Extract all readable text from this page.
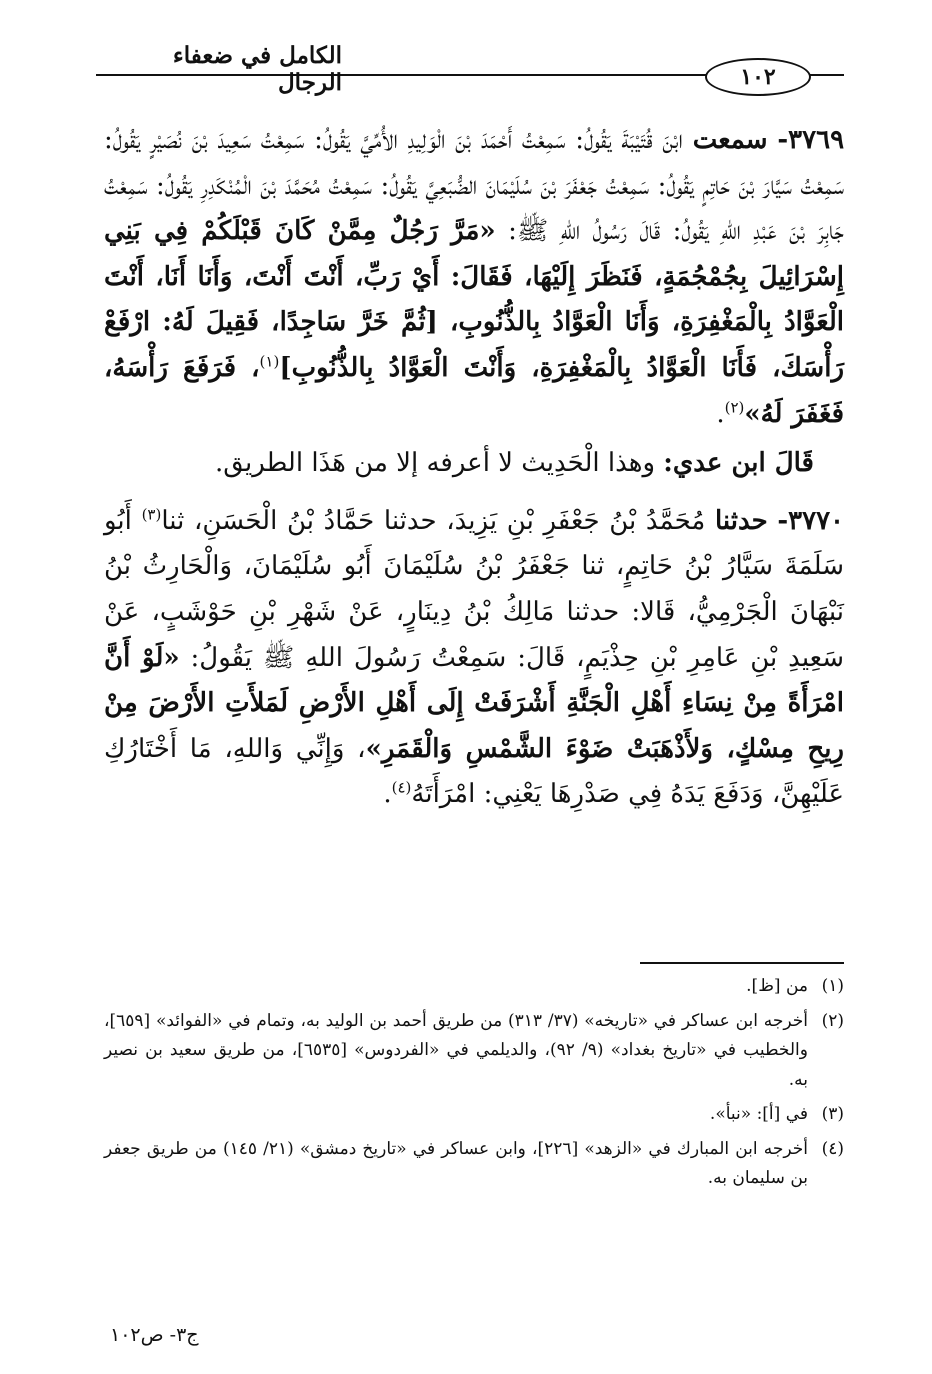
الكامل في ضعفاء الرجال	١٠٢

٣٧٦٩- سمعت ابْنَ قُتَيْبَةَ يَقُولُ: سَمِعْتُ أَحْمَدَ بْنَ الْوَلِيدِ الأُمِّيَّ يَقُولُ: سَمِعْتُ سَعِيدَ بْنَ نُصَيْرٍ يَقُولُ: سَمِعْتُ سَيَّارَ بْنَ حَاتِمٍ يَقُولُ: سَمِعْتُ جَعْفَرَ بْنَ سُلَيْمَانَ الضُّبَعِيَّ يَقُولُ: سَمِعْتُ مُحَمَّدَ بْنَ الْمُنْكَدِرِ يَقُولُ: سَمِعْتُ جَابِرَ بْنَ عَبْدِ اللهِ يَقُولُ: قَالَ رَسُولُ اللهِ ﷺ: «مَرَّ رَجُلٌ مِمَّنْ كَانَ قَبْلَكُمْ فِي بَنِي إِسْرَائِيلَ بِجُمْجُمَةٍ، فَنَظَرَ إِلَيْهَا، فَقَالَ: أَيْ رَبِّ، أَنْتَ أَنْتَ، وَأَنَا أَنَا، أَنْتَ الْعَوَّادُ بِالْمَغْفِرَةِ، وَأَنَا الْعَوَّادُ بِالذُّنُوبِ، [ثُمَّ خَرَّ سَاجِدًا، فَقِيلَ لَهُ: ارْفَعْ رَأْسَكَ، فَأَنَا الْعَوَّادُ بِالْمَغْفِرَةِ، وَأَنْتَ الْعَوَّادُ بِالذُّنُوبِ]$^{(١)}$، فَرَفَعَ رَأْسَهُ، فَغَفَرَ لَهُ»$^{(٢)}$.

قَالَ ابن عدي: وهذا الْحَدِيث لا أعرفه إلا من هَذَا الطريق.

٣٧٧٠- حدثنا مُحَمَّدُ بْنُ جَعْفَرِ بْنِ يَزِيدَ، حدثنا حَمَّادُ بْنُ الْحَسَنِ، ثنا$^{(٣)}$ أَبُو سَلَمَةَ سَيَّارُ بْنُ حَاتِمٍ، ثنا جَعْفَرُ بْنُ سُلَيْمَانَ أَبُو سُلَيْمَانَ، وَالْحَارِثُ بْنُ نَبْهَانَ الْجَرْمِيُّ، قَالا: حدثنا مَالِكُ بْنُ دِينَارٍ، عَنْ شَهْرِ بْنِ حَوْشَبٍ، عَنْ سَعِيدِ بْنِ عَامِرِ بْنِ حِذْيَمٍ، قَالَ: سَمِعْتُ رَسُولَ اللهِ ﷺ يَقُولُ: «لَوْ أَنَّ امْرَأَةً مِنْ نِسَاءِ أَهْلِ الْجَنَّةِ أَشْرَفَتْ إِلَى أَهْلِ الأَرْضِ لَمَلأَتِ الأَرْضَ مِنْ رِيحِ مِسْكٍ، وَلأَذْهَبَتْ ضَوْءَ الشَّمْسِ وَالْقَمَرِ»، وَإِنِّي وَاللهِ، مَا أَخْتَارُكِ عَلَيْهِنَّ، وَدَفَعَ يَدَهُ فِي صَدْرِهَا يَعْنِي: امْرَأَتَهُ$^{(٤)}$.

(١)
من [ظ].
(٢)
أخرجه ابن عساكر في «تاريخه» (٣٧/ ٣١٣) من طريق أحمد بن الوليد به، وتمام في «الفوائد» [٦٥٩]، والخطيب في «تاريخ بغداد» (٩/ ٩٢)، والديلمي في «الفردوس» [٦٥٣٥]، من طريق سعيد بن نصير به.
(٣)
في [أ]: «نبأ».
(٤)
أخرجه ابن المبارك في «الزهد» [٢٢٦]، وابن عساكر في «تاريخ دمشق» (٢١/ ١٤٥) من طريق جعفر بن سليمان به.
ج٣- ص١٠٢
